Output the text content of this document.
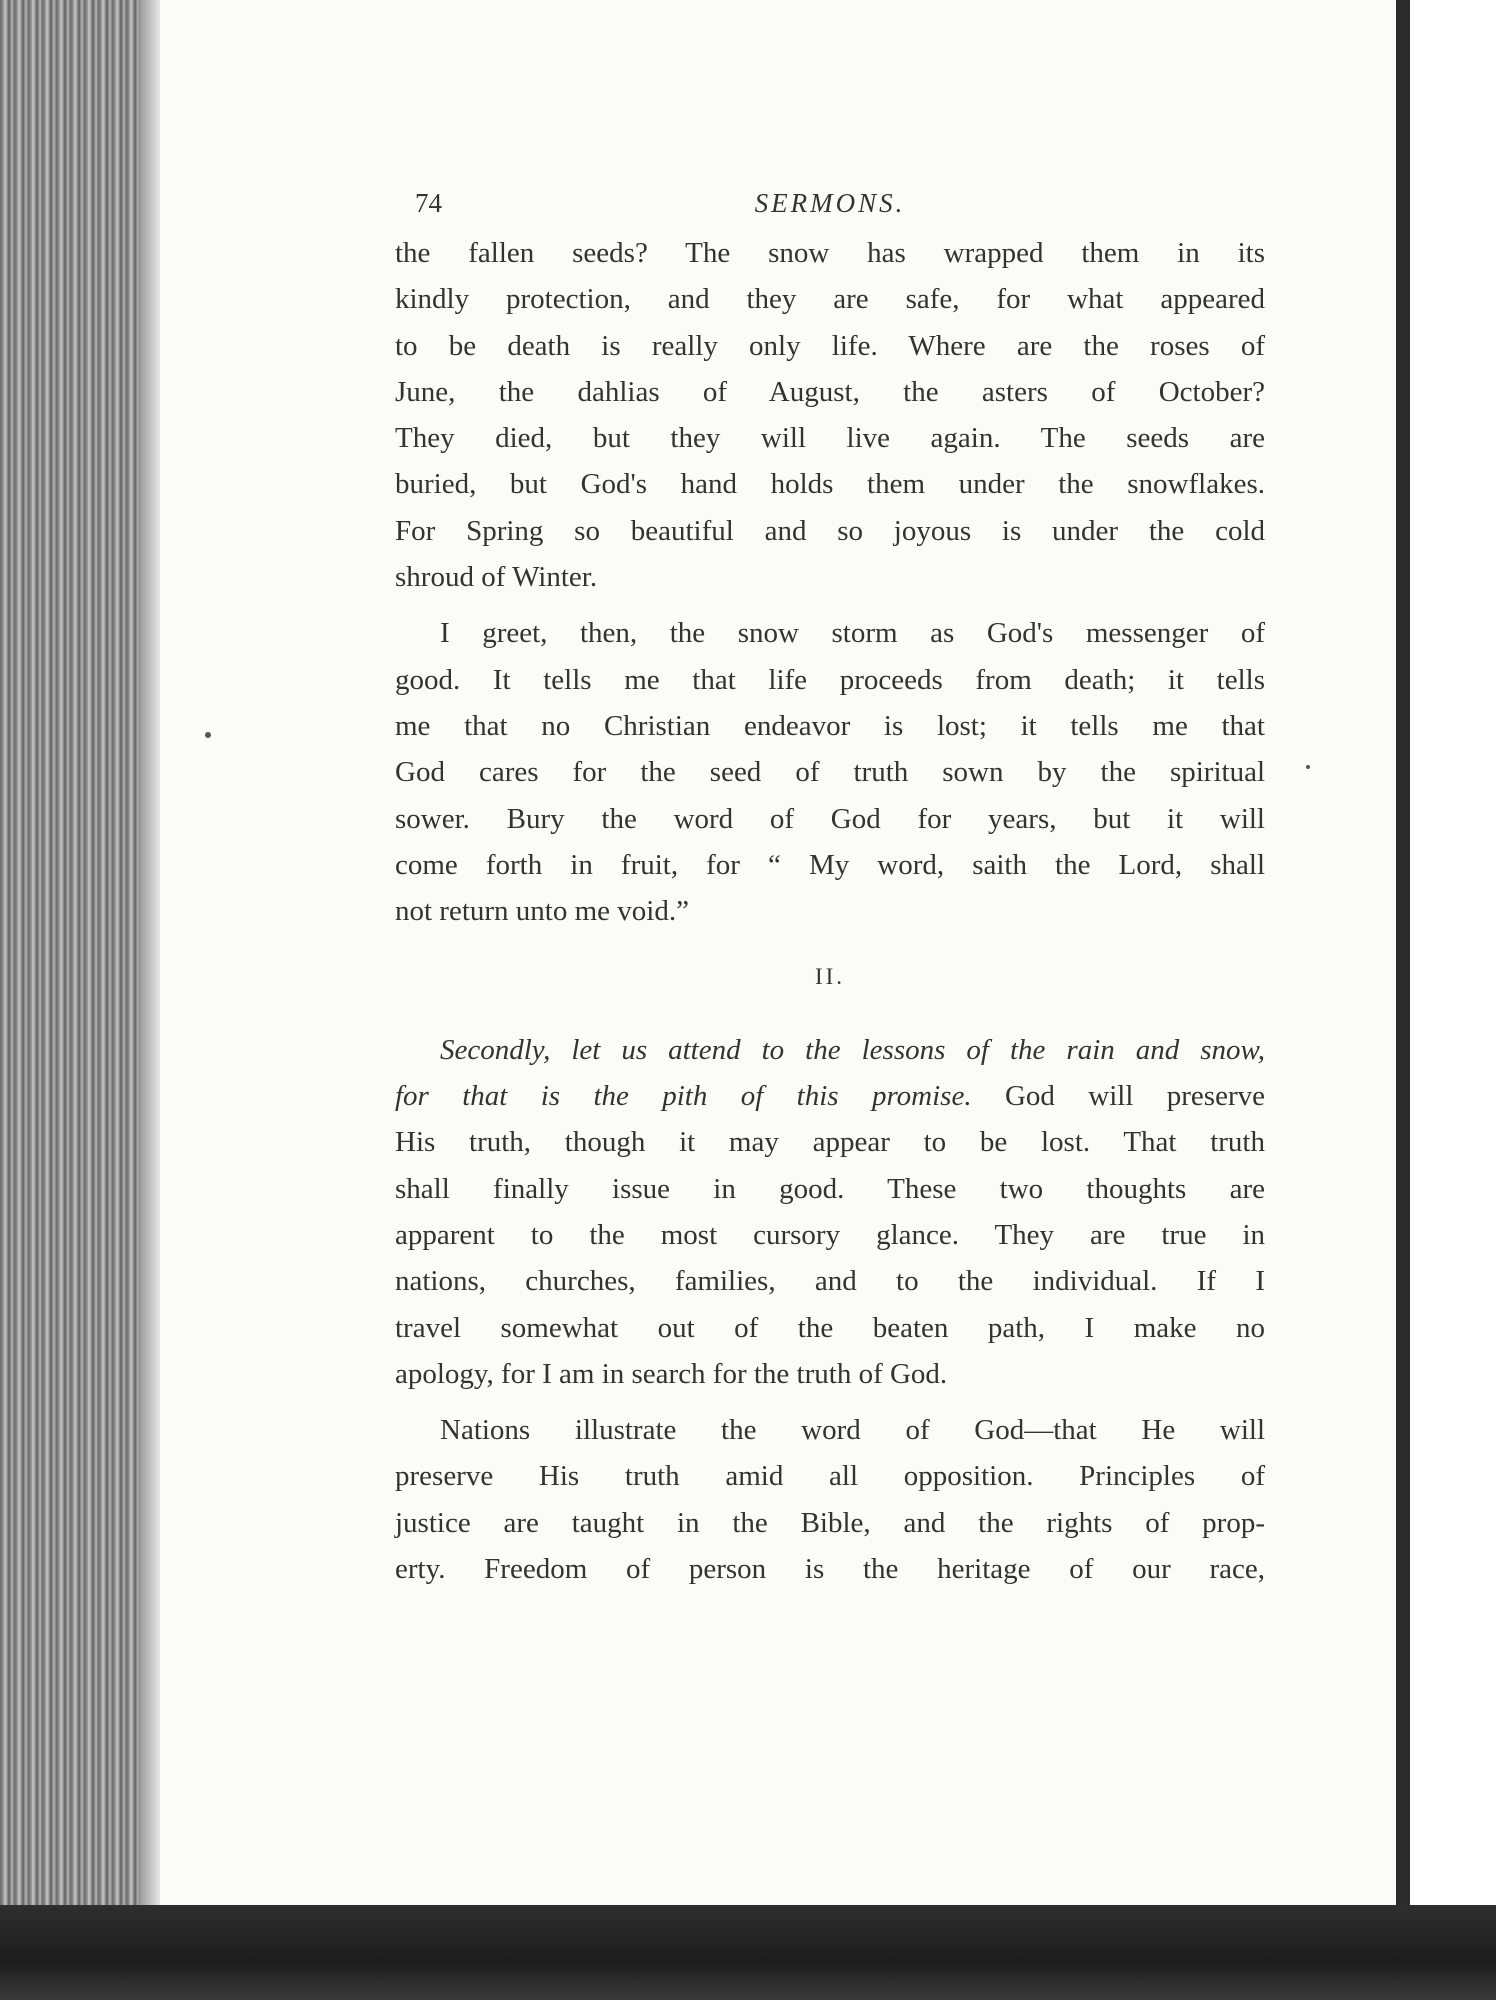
74	SERMONS.
the fallen seeds? The snow has wrapped them in its
kindly protection, and they are safe, for what appeared
to be death is really only life. Where are the roses of
June, the dahlias of August, the asters of October?
They died, but they will live again. The seeds are
buried, but God's hand holds them under the snowflakes.
For Spring so beautiful and so joyous is under the cold
shroud of Winter.
I greet, then, the snow storm as God's messenger of
good. It tells me that life proceeds from death; it tells
me that no Christian endeavor is lost; it tells me that
God cares for the seed of truth sown by the spiritual
sower. Bury the word of God for years, but it will
come forth in fruit, for “ My word, saith the Lord, shall
not return unto me void.”
II.
Secondly, let us attend to the lessons of the rain and snow,
for that is the pith of this promise. God will preserve
His truth, though it may appear to be lost. That truth
shall finally issue in good. These two thoughts are
apparent to the most cursory glance. They are true in
nations, churches, families, and to the individual. If I
travel somewhat out of the beaten path, I make no
apology, for I am in search for the truth of God.
Nations illustrate the word of God—that He will
preserve His truth amid all opposition. Principles of
justice are taught in the Bible, and the rights of prop-
erty. Freedom of person is the heritage of our race,
